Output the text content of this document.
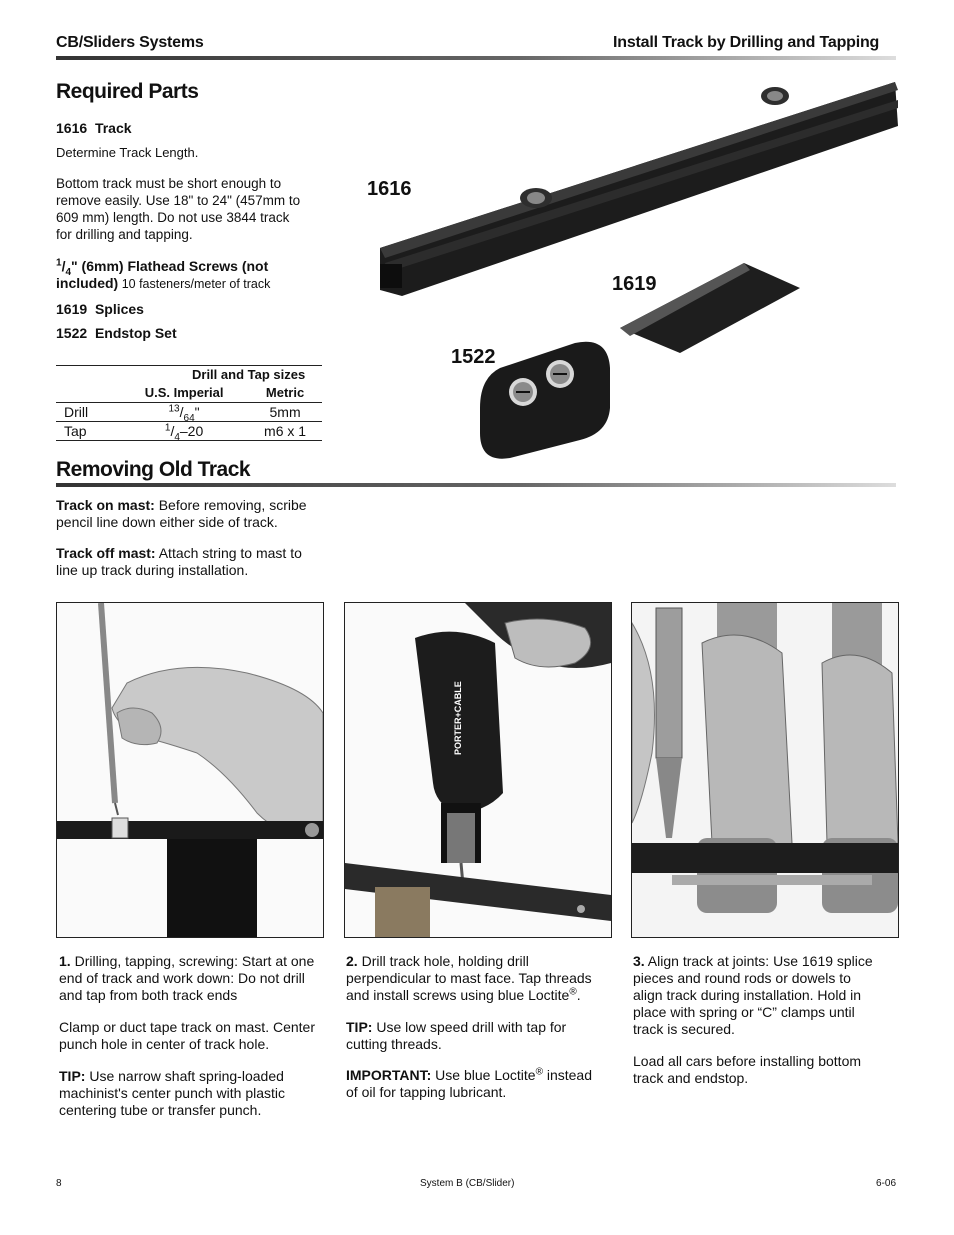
CB/Sliders Systems	Install Track by Drilling and Tapping
Required Parts
1616 Track
Determine Track Length.
Bottom track must be short enough to remove easily. Use 18" to 24" (457mm to 609 mm) length. Do not use 3844 track for drilling and tapping.
$^1/_4$" (6mm) Flathead Screws (not included) 10 fasteners/meter of track
1619 Splices
1522 Endstop Set
	Drill and Tap sizes	
	U.S. Imperial	Metric
Drill	$^{13}/_{64}$"	5mm
Tap	$^1/_4-20$	m6 x 1
1616
1619
1522
Removing Old Track
Track on mast: Before removing, scribe pencil line down either side of track.
Track off mast: Attach string to mast to line up track during installation.
PORTER+CABLE
1. Drilling, tapping, screwing: Start at one end of track and work down: Do not drill and tap from both track ends
Clamp or duct tape track on mast. Center punch hole in center of track hole.
TIP: Use narrow shaft spring-loaded machinist's center punch with plastic centering tube or transfer punch.
2. Drill track hole, holding drill perpendicular to mast face. Tap threads and install screws using blue Loctite®.
TIP: Use low speed drill with tap for cutting threads.
IMPORTANT: Use blue Loctite® instead of oil for tapping lubricant.
3. Align track at joints: Use 1619 splice pieces and round rods or dowels to align track during installation. Hold in place with spring or “C” clamps until track is secured.
Load all cars before installing bottom track and endstop.
8	System B (CB/Slider)	6-06
